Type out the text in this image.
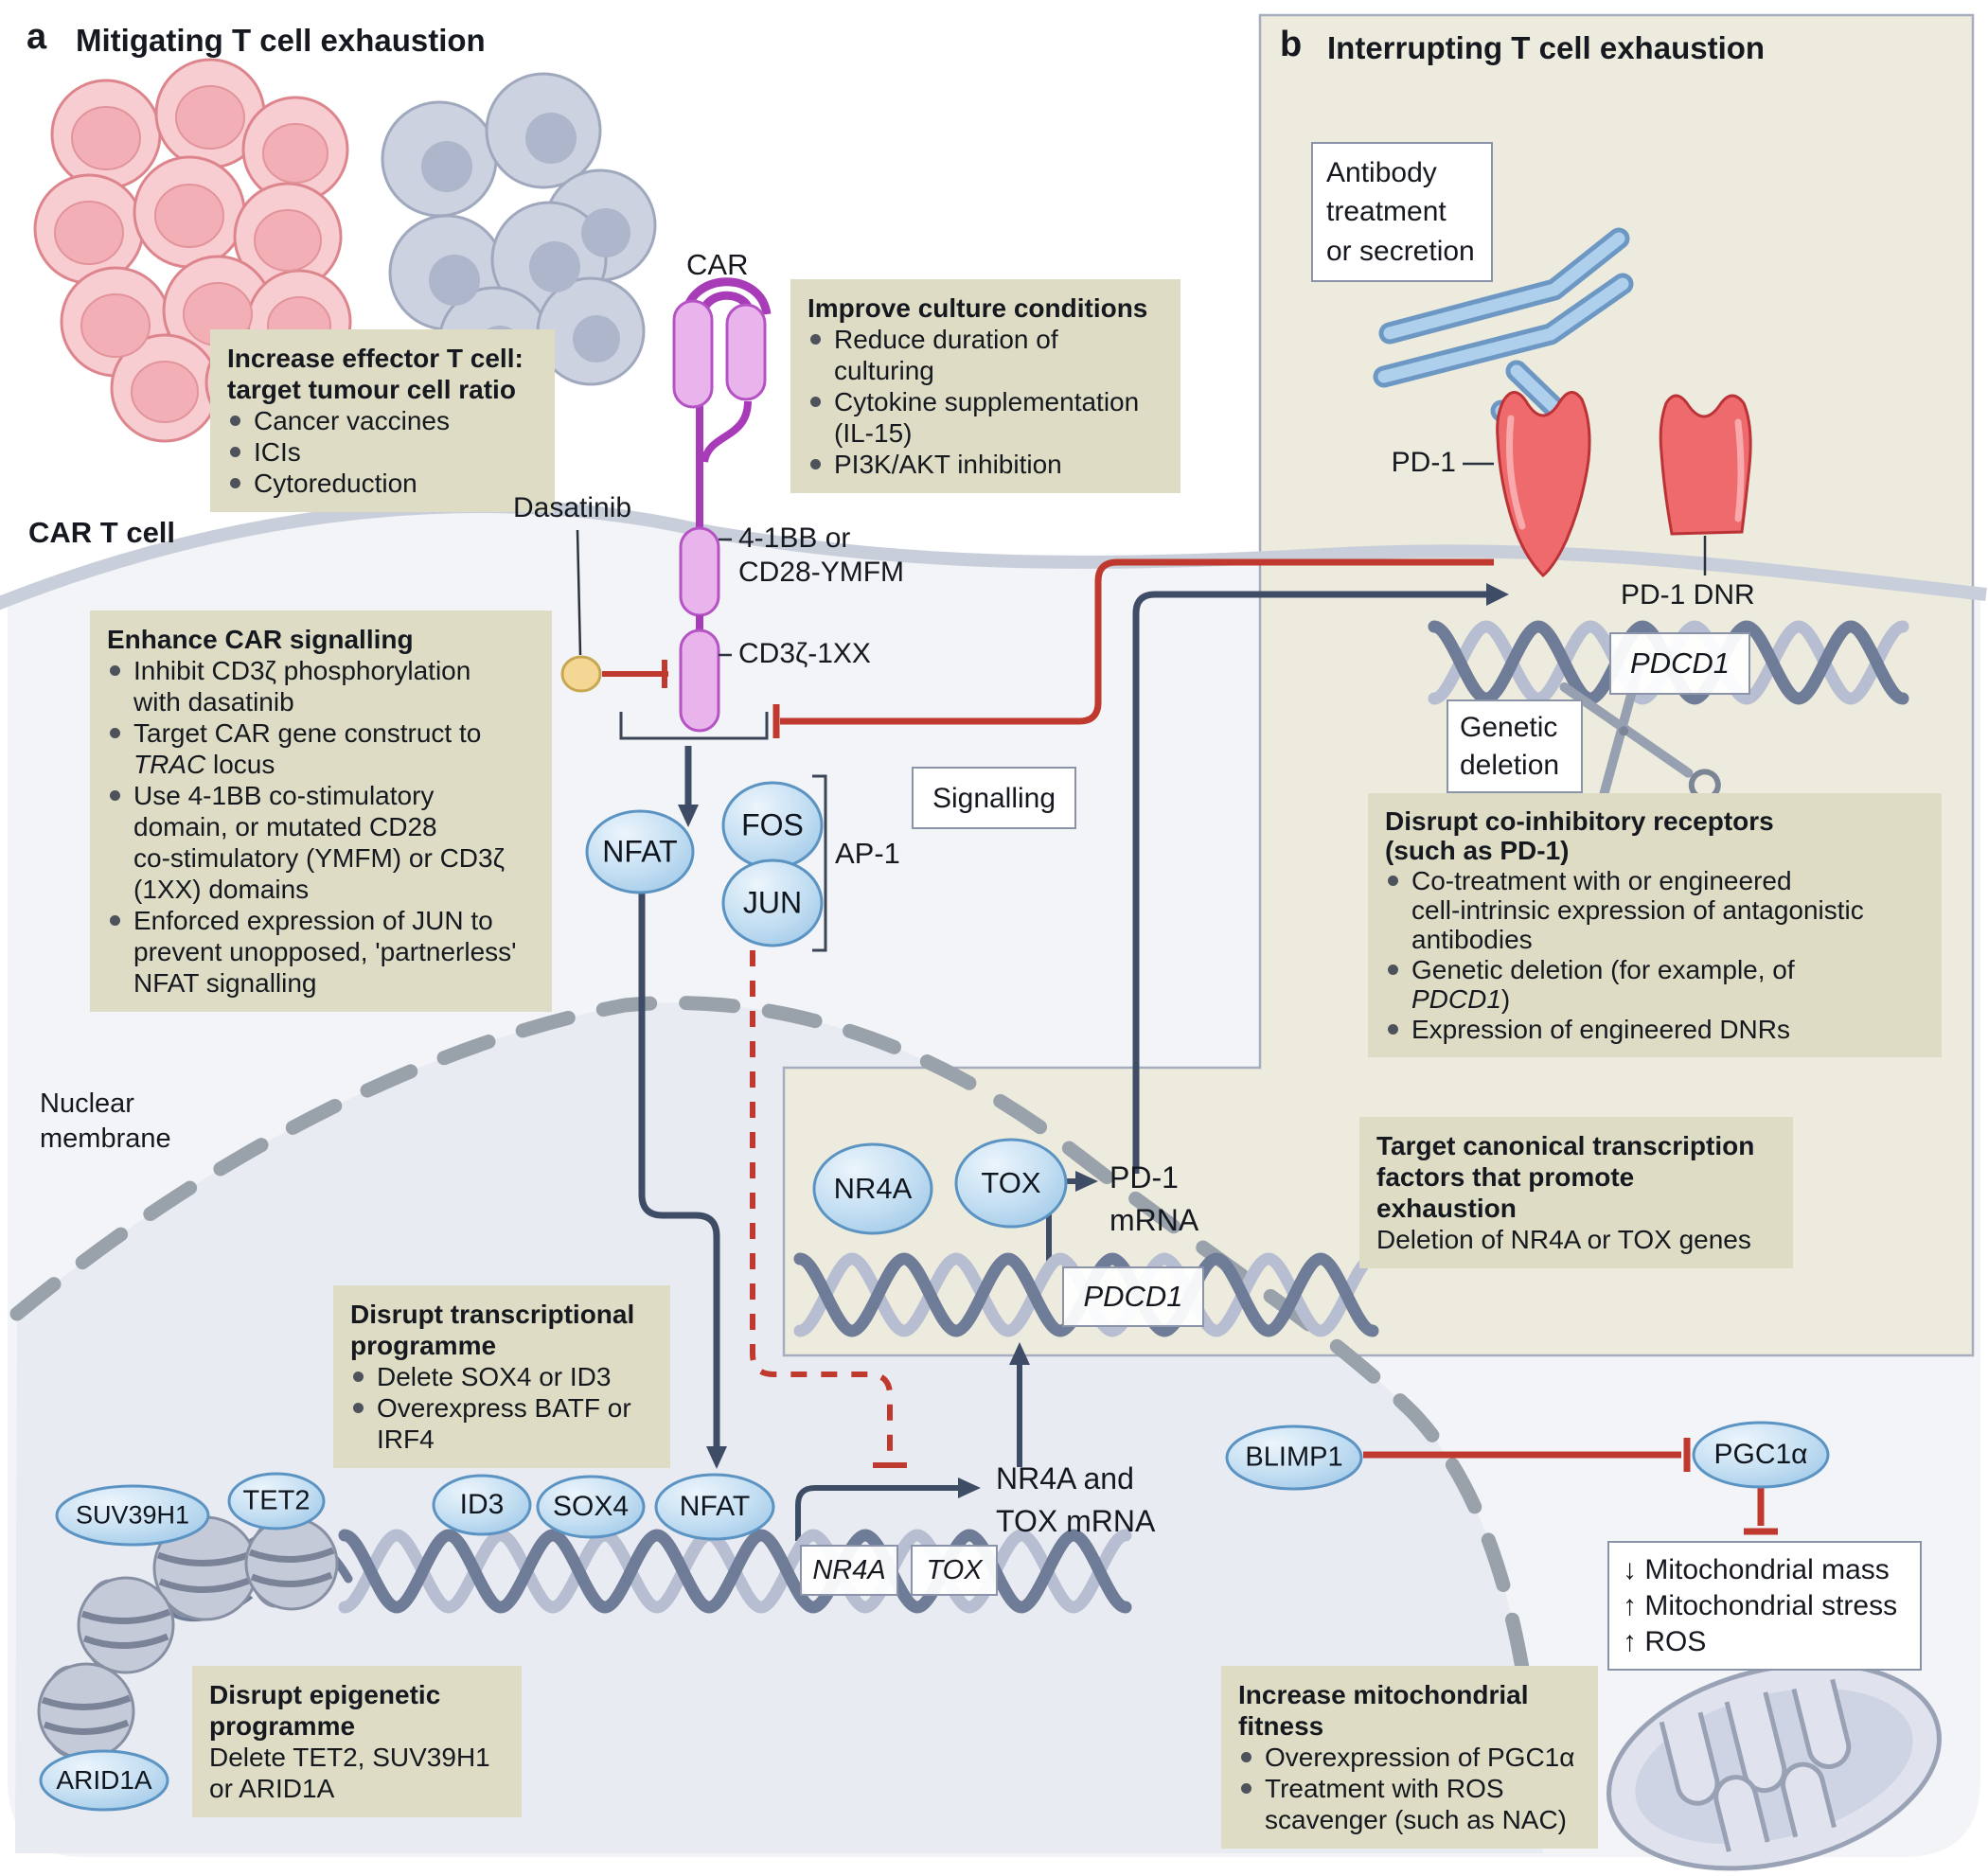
a Mitigating T cell exhaustion	b Interrupting T cell exhaustion
CAR T cell
Increase effector T cell:
target tumour cell ratio
Cancer vaccines
ICIs
Cytoreduction
Improve culture conditions
Reduce duration of
culturing
Cytokine supplementation
(IL-15)
PI3K/AKT inhibition
Enhance CAR signalling
Inhibit CD3ζ phosphorylation
with dasatinib
Target CAR gene construct to
TRAC locus
Use 4-1BB co-stimulatory
domain, or mutated CD28
co-stimulatory (YMFM) or CD3ζ
(1XX) domains
Enforced expression of JUN to
prevent unopposed, 'partnerless'
NFAT signalling
Disrupt co-inhibitory receptors
(such as PD-1)
Co-treatment with or engineered
cell-intrinsic expression of antagonistic
antibodies
Genetic deletion (for example, of
PDCD1)
Expression of engineered DNRs
Target canonical transcription
factors that promote
exhaustion
Deletion of NR4A or TOX genes
Disrupt transcriptional
programme
Delete SOX4 or ID3
Overexpress BATF or
IRF4
Disrupt epigenetic
programme
Delete TET2, SUV39H1
or ARID1A
Increase mitochondrial
fitness
Overexpression of PGC1α
Treatment with ROS
scavenger (such as NAC)
Signalling
Antibody
treatment
or secretion
Genetic
deletion
↓ Mitochondrial mass
↑ Mitochondrial stress
↑ ROS
PDCD1
PDCD1
NR4A TOX
CAR
Dasatinib
4-1BB or
CD28-YMFM
CD3ζ-1XX
AP-1
Nuclear
membrane
PD-1
PD-1 DNR
PD-1
mRNA
NR4A and
TOX mRNA
NFAT
FOS
JUN
NR4A TOX
SUV39H1 TET2
ARID1A
ID3 SOX4 NFAT
BLIMP1	PGC1α
